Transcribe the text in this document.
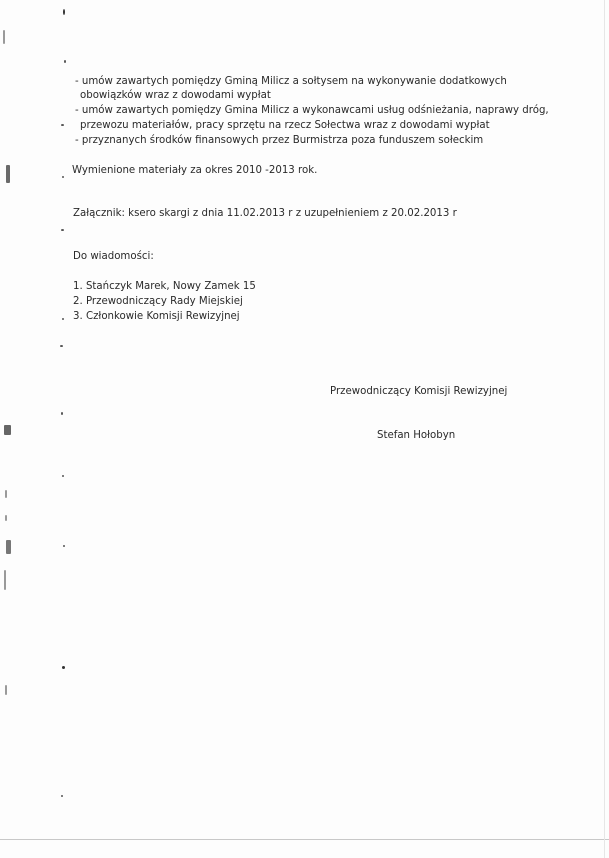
- umów zawartych pomiędzy Gminą Milicz a sołtysem na wykonywanie dodatkowych
obowiązków wraz z dowodami wypłat
- umów zawartych pomiędzy Gmina Milicz a wykonawcami usług odśnieżania, naprawy dróg,
przewozu materiałów, pracy sprzętu na rzecz Sołectwa wraz z dowodami wypłat
- przyznanych środków finansowych przez Burmistrza poza funduszem sołeckim
Wymienione materiały za okres 2010 -2013 rok.
Załącznik: ksero skargi z dnia 11.02.2013 r z uzupełnieniem z 20.02.2013 r
Do wiadomości:
1. Stańczyk Marek, Nowy Zamek 15
2. Przewodniczący Rady Miejskiej
3. Członkowie Komisji Rewizyjnej
Przewodniczący Komisji Rewizyjnej
Stefan Hołobyn
